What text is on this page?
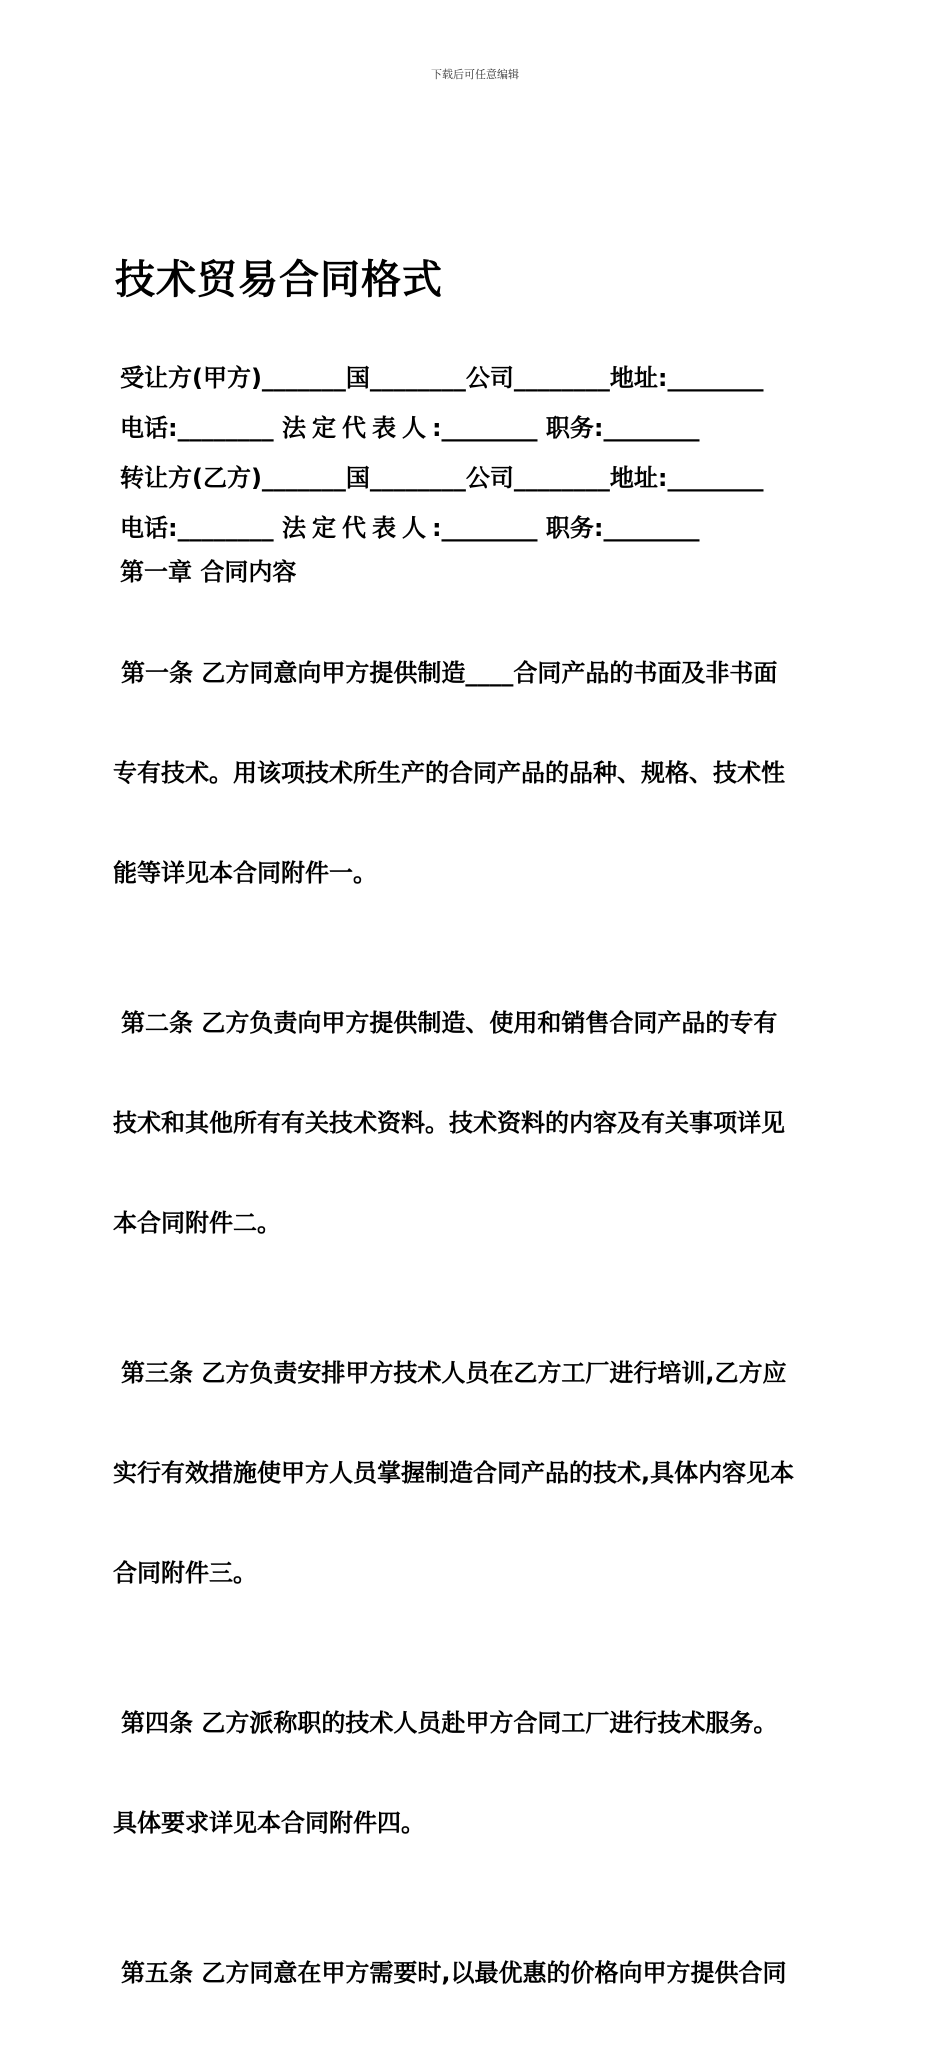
下载后可任意编辑
技术贸易合同格式
受让方(甲方)_______国________公司________地址:________
电话:________ 法定代表人:________ 职务:________
转让方(乙方)_______国________公司________地址:________
电话:________ 法定代表人:________ 职务:________
第一章 合同内容

第一条 乙方同意向甲方提供制造____合同产品的书面及非书面

专有技术。用该项技术所生产的合同产品的品种、规格、技术性

能等详见本合同附件一。

第二条 乙方负责向甲方提供制造、使用和销售合同产品的专有

技术和其他所有有关技术资料。技术资料的内容及有关事项详见

本合同附件二。

第三条 乙方负责安排甲方技术人员在乙方工厂进行培训,乙方应

实行有效措施使甲方人员掌握制造合同产品的技术,具体内容见本

合同附件三。

第四条 乙方派称职的技术人员赴甲方合同工厂进行技术服务。

具体要求详见本合同附件四。

第五条 乙方同意在甲方需要时,以最优惠的价格向甲方提供合同
